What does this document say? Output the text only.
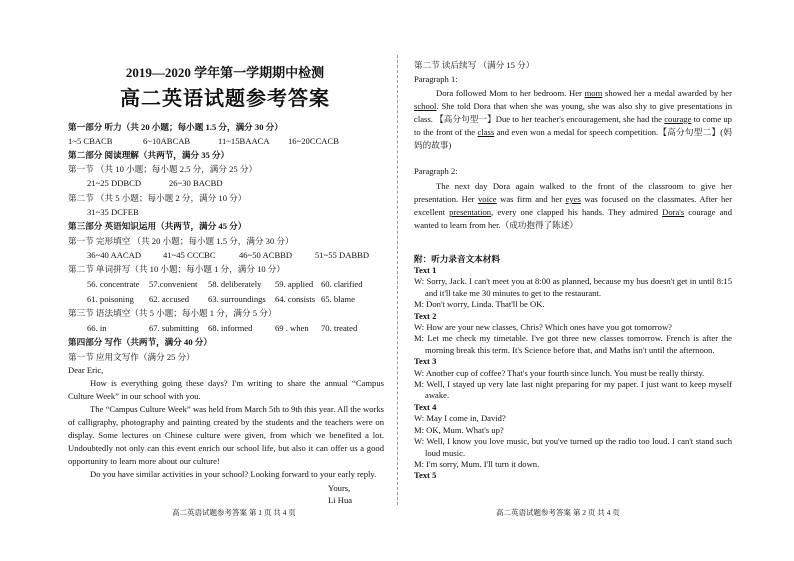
2019—2020 学年第一学期期中检测
高二英语试题参考答案
第一部分 听力（共 20 小题；每小题 1.5 分，满分 30 分）
1~5 CBACB	6~10ABCAB	11~15BAACA 16~20CCACB
第二部分 阅读理解（共两节，满分 35 分）
第一节 （共 10 小题；每小题 2.5 分，满分 25 分）
21~25 DDBCD	26~30 BACBD
第二节 （共 5 小题；每小题 2 分，满分 10 分）
31~35 DCFEB
第三部分 英语知识运用（共两节，满分 45 分）
第一节 完形填空 （共 20 小题；每小题 1.5 分，满分 30 分）
36~40 AACAD	41~45 CCCBC	46~50 ACBBD	51~55 DABBD
第二节 单词拼写（共 10 小题；每小题 1 分，满分 10 分）
56. concentrate 57.convenient 58. deliberately 59. applied 60. clarified
61. poisoning 62. accused 63. surroundings 64. consists 65. blame
第三节 语法填空（共 5 小题；每小题 1 分，满分 5 分）
66. in	67. submitting 68. informed	69 . when 70. treated
第四部分 写作（共两节，满分 40 分）
第一节 应用文写作（满分 25 分）

Dear Eric,

How is everything going these days? I'm writing to share the annual “Campus Culture Week” in our school with you.

The “Campus Culture Week” was held from March 5th to 9th this year. All the works of calligraphy, photography and painting created by the students and the teachers were on display. Some lectures on Chinese culture were given, from which we benefited a lot. Undoubtedly not only can this event enrich our school life, but also it can offer us a good opportunity to learn more about our culture!

Do you have similar activities in your school? Looking forward to your early reply.

Yours,
Li Hua
高二英语试题参考答案 第 1 页 共 4 页
第二节 读后续写 （满分 15 分）
Paragraph 1:
Dora followed Mom to her bedroom. Her mom showed her a medal awarded by her school. She told Dora that when she was young, she was also shy to give presentations in class. 【高分句型一】Due to her teacher's encouragement, she had the courage to come up to the front of the class and even won a medal for speech competition.【高分句型二】(妈妈的故事)
Paragraph 2:
The next day Dora again walked to the front of the classroom to give her presentation. Her voice was firm and her eyes was focused on the classmates. After her excellent presentation, every one clapped his hands. They admired Dora's courage and wanted to learn from her.（成功抱得了陈述）
附：听力录音文本材料

Text 1

W: Sorry, Jack. I can't meet you at 8:00 as planned, because my bus doesn't get in until 8:15 and it'll take me 30 minutes to get to the restaurant.

M: Don't worry, Linda. That'll be OK.

Text 2

W: How are your new classes, Chris? Which ones have you got tomorrow?

M: Let me check my timetable. I've got three new classes tomorrow. French is after the morning break this term. It's Science before that, and Maths isn't until the afternoon.

Text 3

W: Another cup of coffee? That's your fourth since lunch. You must be really thirsty.

M: Well, I stayed up very late last night preparing for my paper. I just want to keep myself awake.

Text 4

W: May I come in, David?

M: OK, Mum. What's up?

W: Well, I know you love music, but you've turned up the radio too loud. I can't stand such loud music.

M: I'm sorry, Mum. I'll turn it down.

Text 5

高二英语试题参考答案 第 2 页 共 4 页
